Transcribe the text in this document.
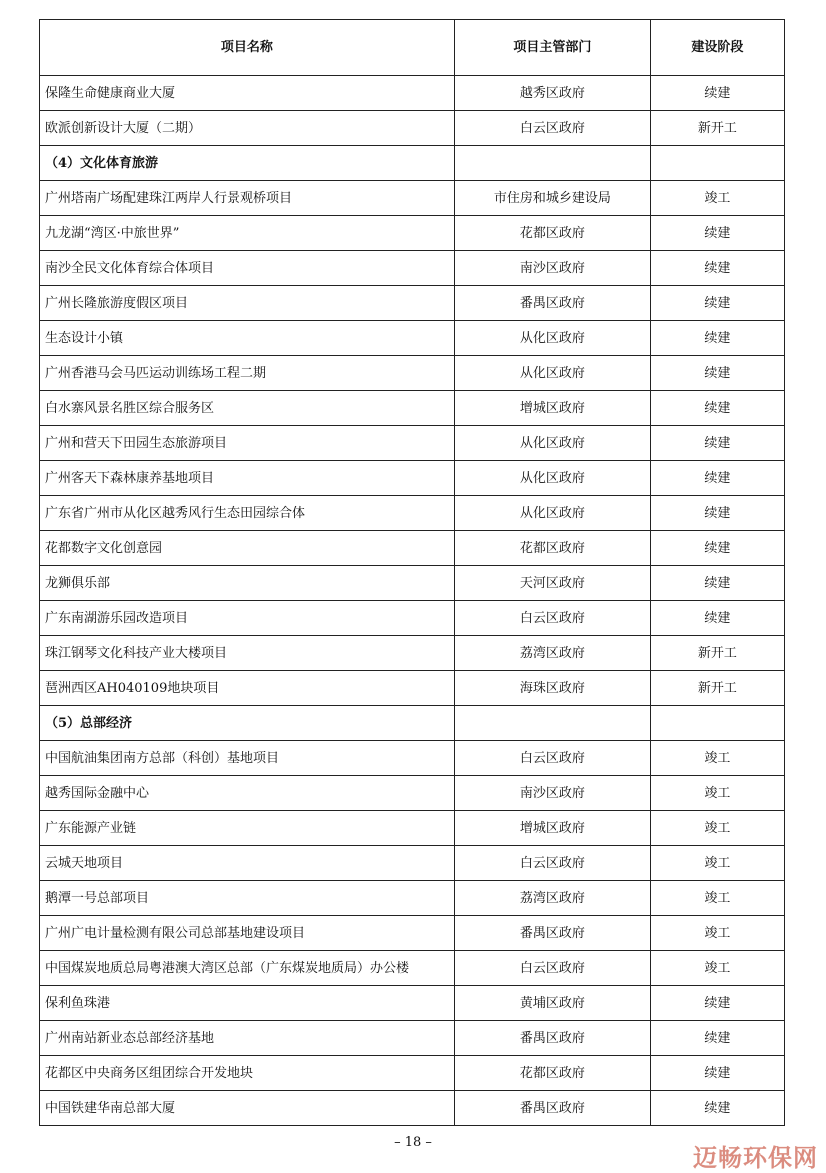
项目名称	项目主管部门	建设阶段
保隆生命健康商业大厦	越秀区政府	续建
欧派创新设计大厦（二期）	白云区政府	新开工
（4）文化体育旅游		
广州塔南广场配建珠江两岸人行景观桥项目	市住房和城乡建设局	竣工
九龙湖“湾区·中旅世界”	花都区政府	续建
南沙全民文化体育综合体项目	南沙区政府	续建
广州长隆旅游度假区项目	番禺区政府	续建
生态设计小镇	从化区政府	续建
广州香港马会马匹运动训练场工程二期	从化区政府	续建
白水寨风景名胜区综合服务区	增城区政府	续建
广州和营天下田园生态旅游项目	从化区政府	续建
广州客天下森林康养基地项目	从化区政府	续建
广东省广州市从化区越秀风行生态田园综合体	从化区政府	续建
花都数字文化创意园	花都区政府	续建
龙狮俱乐部	天河区政府	续建
广东南湖游乐园改造项目	白云区政府	续建
珠江钢琴文化科技产业大楼项目	荔湾区政府	新开工
琶洲西区AH040109地块项目	海珠区政府	新开工
（5）总部经济		
中国航油集团南方总部（科创）基地项目	白云区政府	竣工
越秀国际金融中心	南沙区政府	竣工
广东能源产业链	增城区政府	竣工
云城天地项目	白云区政府	竣工
鹅潭一号总部项目	荔湾区政府	竣工
广州广电计量检测有限公司总部基地建设项目	番禺区政府	竣工
中国煤炭地质总局粤港澳大湾区总部（广东煤炭地质局）办公楼	白云区政府	竣工
保利鱼珠港	黄埔区政府	续建
广州南站新业态总部经济基地	番禺区政府	续建
花都区中央商务区组团综合开发地块	花都区政府	续建
中国铁建华南总部大厦	番禺区政府	续建
– 18 –
迈畅环保网
